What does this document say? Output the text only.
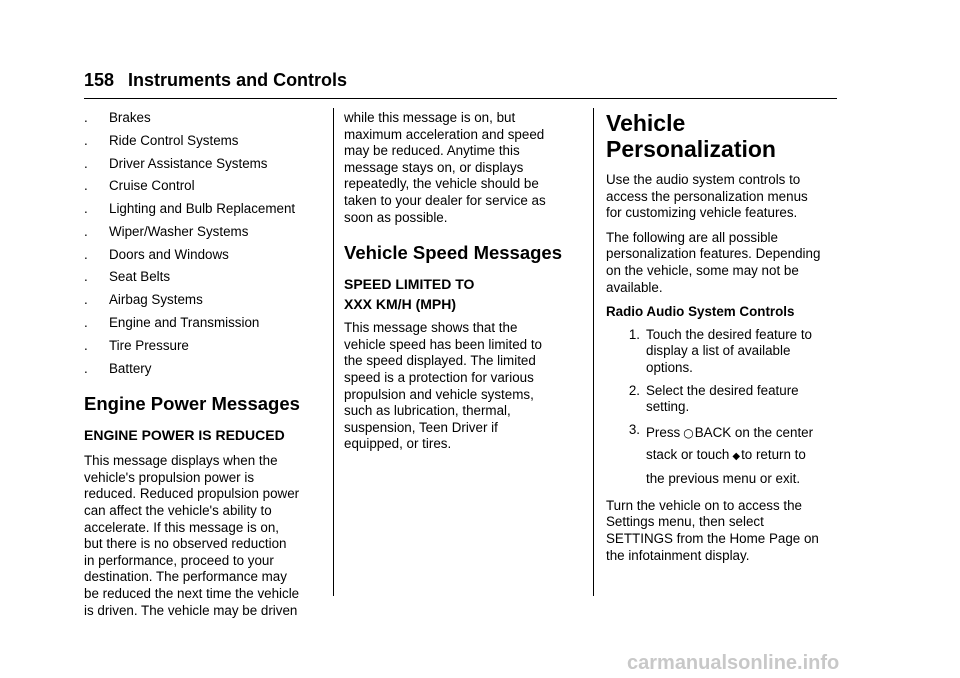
158 Instruments and Controls
.	Brakes
.	Ride Control Systems
.	Driver Assistance Systems
.	Cruise Control
.	Lighting and Bulb Replacement
.	Wiper/Washer Systems
.	Doors and Windows
.	Seat Belts
.	Airbag Systems
.	Engine and Transmission
.	Tire Pressure
.	Battery
Engine Power Messages
ENGINE POWER IS REDUCED
This message displays when the
vehicle's propulsion power is
reduced. Reduced propulsion power
can affect the vehicle's ability to
accelerate. If this message is on,
but there is no observed reduction
in performance, proceed to your
destination. The performance may
be reduced the next time the vehicle
is driven. The vehicle may be driven
while this message is on, but
maximum acceleration and speed
may be reduced. Anytime this
message stays on, or displays
repeatedly, the vehicle should be
taken to your dealer for service as
soon as possible.
Vehicle Speed Messages
SPEED LIMITED TO
XXX KM/H (MPH)
This message shows that the
vehicle speed has been limited to
the speed displayed. The limited
speed is a protection for various
propulsion and vehicle systems,
such as lubrication, thermal,
suspension, Teen Driver if
equipped, or tires.
Vehicle
Personalization
Use the audio system controls to
access the personalization menus
for customizing vehicle features.
The following are all possible
personalization features. Depending
on the vehicle, some may not be
available.
Radio Audio System Controls
1. Touch the desired feature to
display a list of available
options.
2. Select the desired feature
setting.
3. Press ○BACK on the center
stack or touch ◆to return to
the previous menu or exit.
Turn the vehicle on to access the
Settings menu, then select
SETTINGS from the Home Page on
the infotainment display.
carmanualsonline.info
